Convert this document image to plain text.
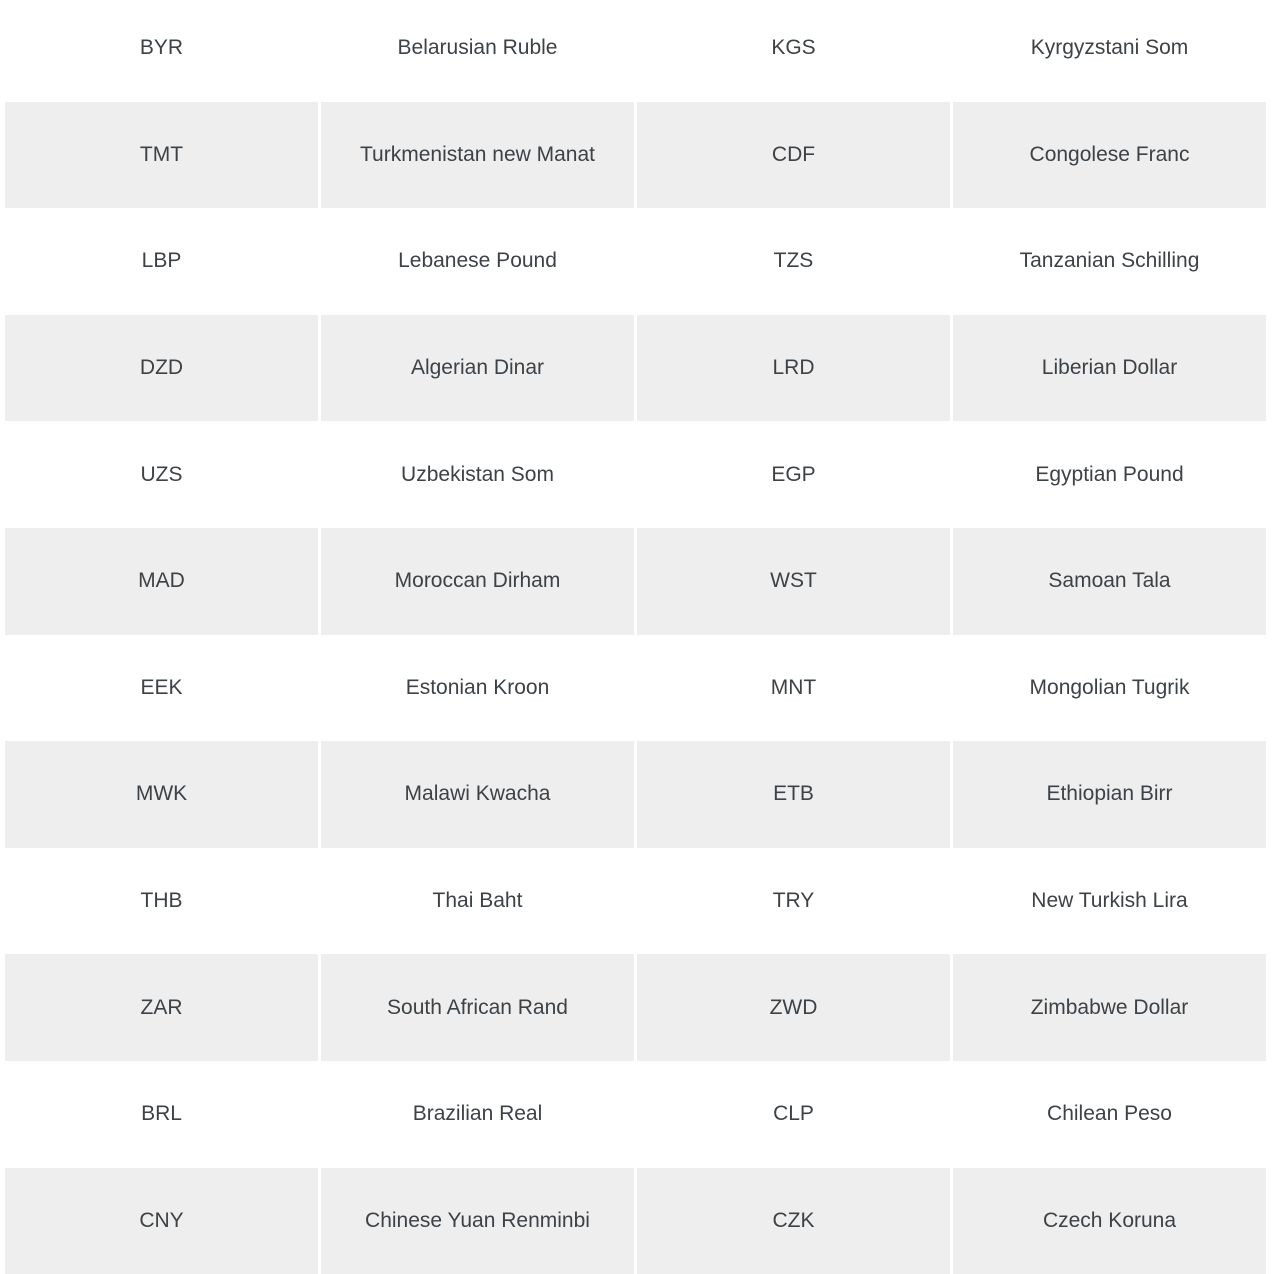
BYR	Belarusian Ruble	KGS	Kyrgyzstani Som
TMT	Turkmenistan new Manat	CDF	Congolese Franc
LBP	Lebanese Pound	TZS	Tanzanian Schilling
DZD	Algerian Dinar	LRD	Liberian Dollar
UZS	Uzbekistan Som	EGP	Egyptian Pound
MAD	Moroccan Dirham	WST	Samoan Tala
EEK	Estonian Kroon	MNT	Mongolian Tugrik
MWK	Malawi Kwacha	ETB	Ethiopian Birr
THB	Thai Baht	TRY	New Turkish Lira
ZAR	South African Rand	ZWD	Zimbabwe Dollar
BRL	Brazilian Real	CLP	Chilean Peso
CNY	Chinese Yuan Renminbi	CZK	Czech Koruna
